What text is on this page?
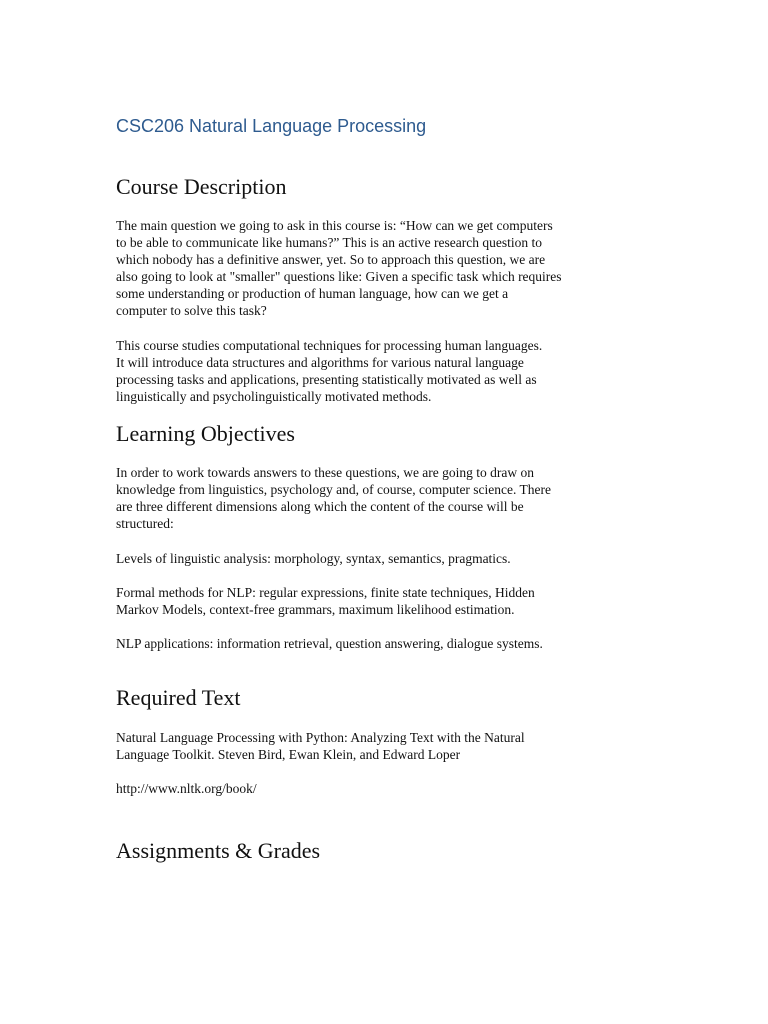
CSC206 Natural Language Processing
Course Description

The main question we going to ask in this course is: “How can we get computers
to be able to communicate like humans?” This is an active research question to
which nobody has a definitive answer, yet. So to approach this question, we are
also going to look at "smaller" questions like: Given a specific task which requires
some understanding or production of human language, how can we get a
computer to solve this task?

This course studies computational techniques for processing human languages.
It will introduce data structures and algorithms for various natural language
processing tasks and applications, presenting statistically motivated as well as
linguistically and psycholinguistically motivated methods.

Learning Objectives

In order to work towards answers to these questions, we are going to draw on
knowledge from linguistics, psychology and, of course, computer science. There
are three different dimensions along which the content of the course will be
structured:

Levels of linguistic analysis: morphology, syntax, semantics, pragmatics.

Formal methods for NLP: regular expressions, finite state techniques, Hidden
Markov Models, context-free grammars, maximum likelihood estimation.

NLP applications: information retrieval, question answering, dialogue systems.

Required Text

Natural Language Processing with Python: Analyzing Text with the Natural
Language Toolkit. Steven Bird, Ewan Klein, and Edward Loper

http://www.nltk.org/book/
Assignments & Grades
